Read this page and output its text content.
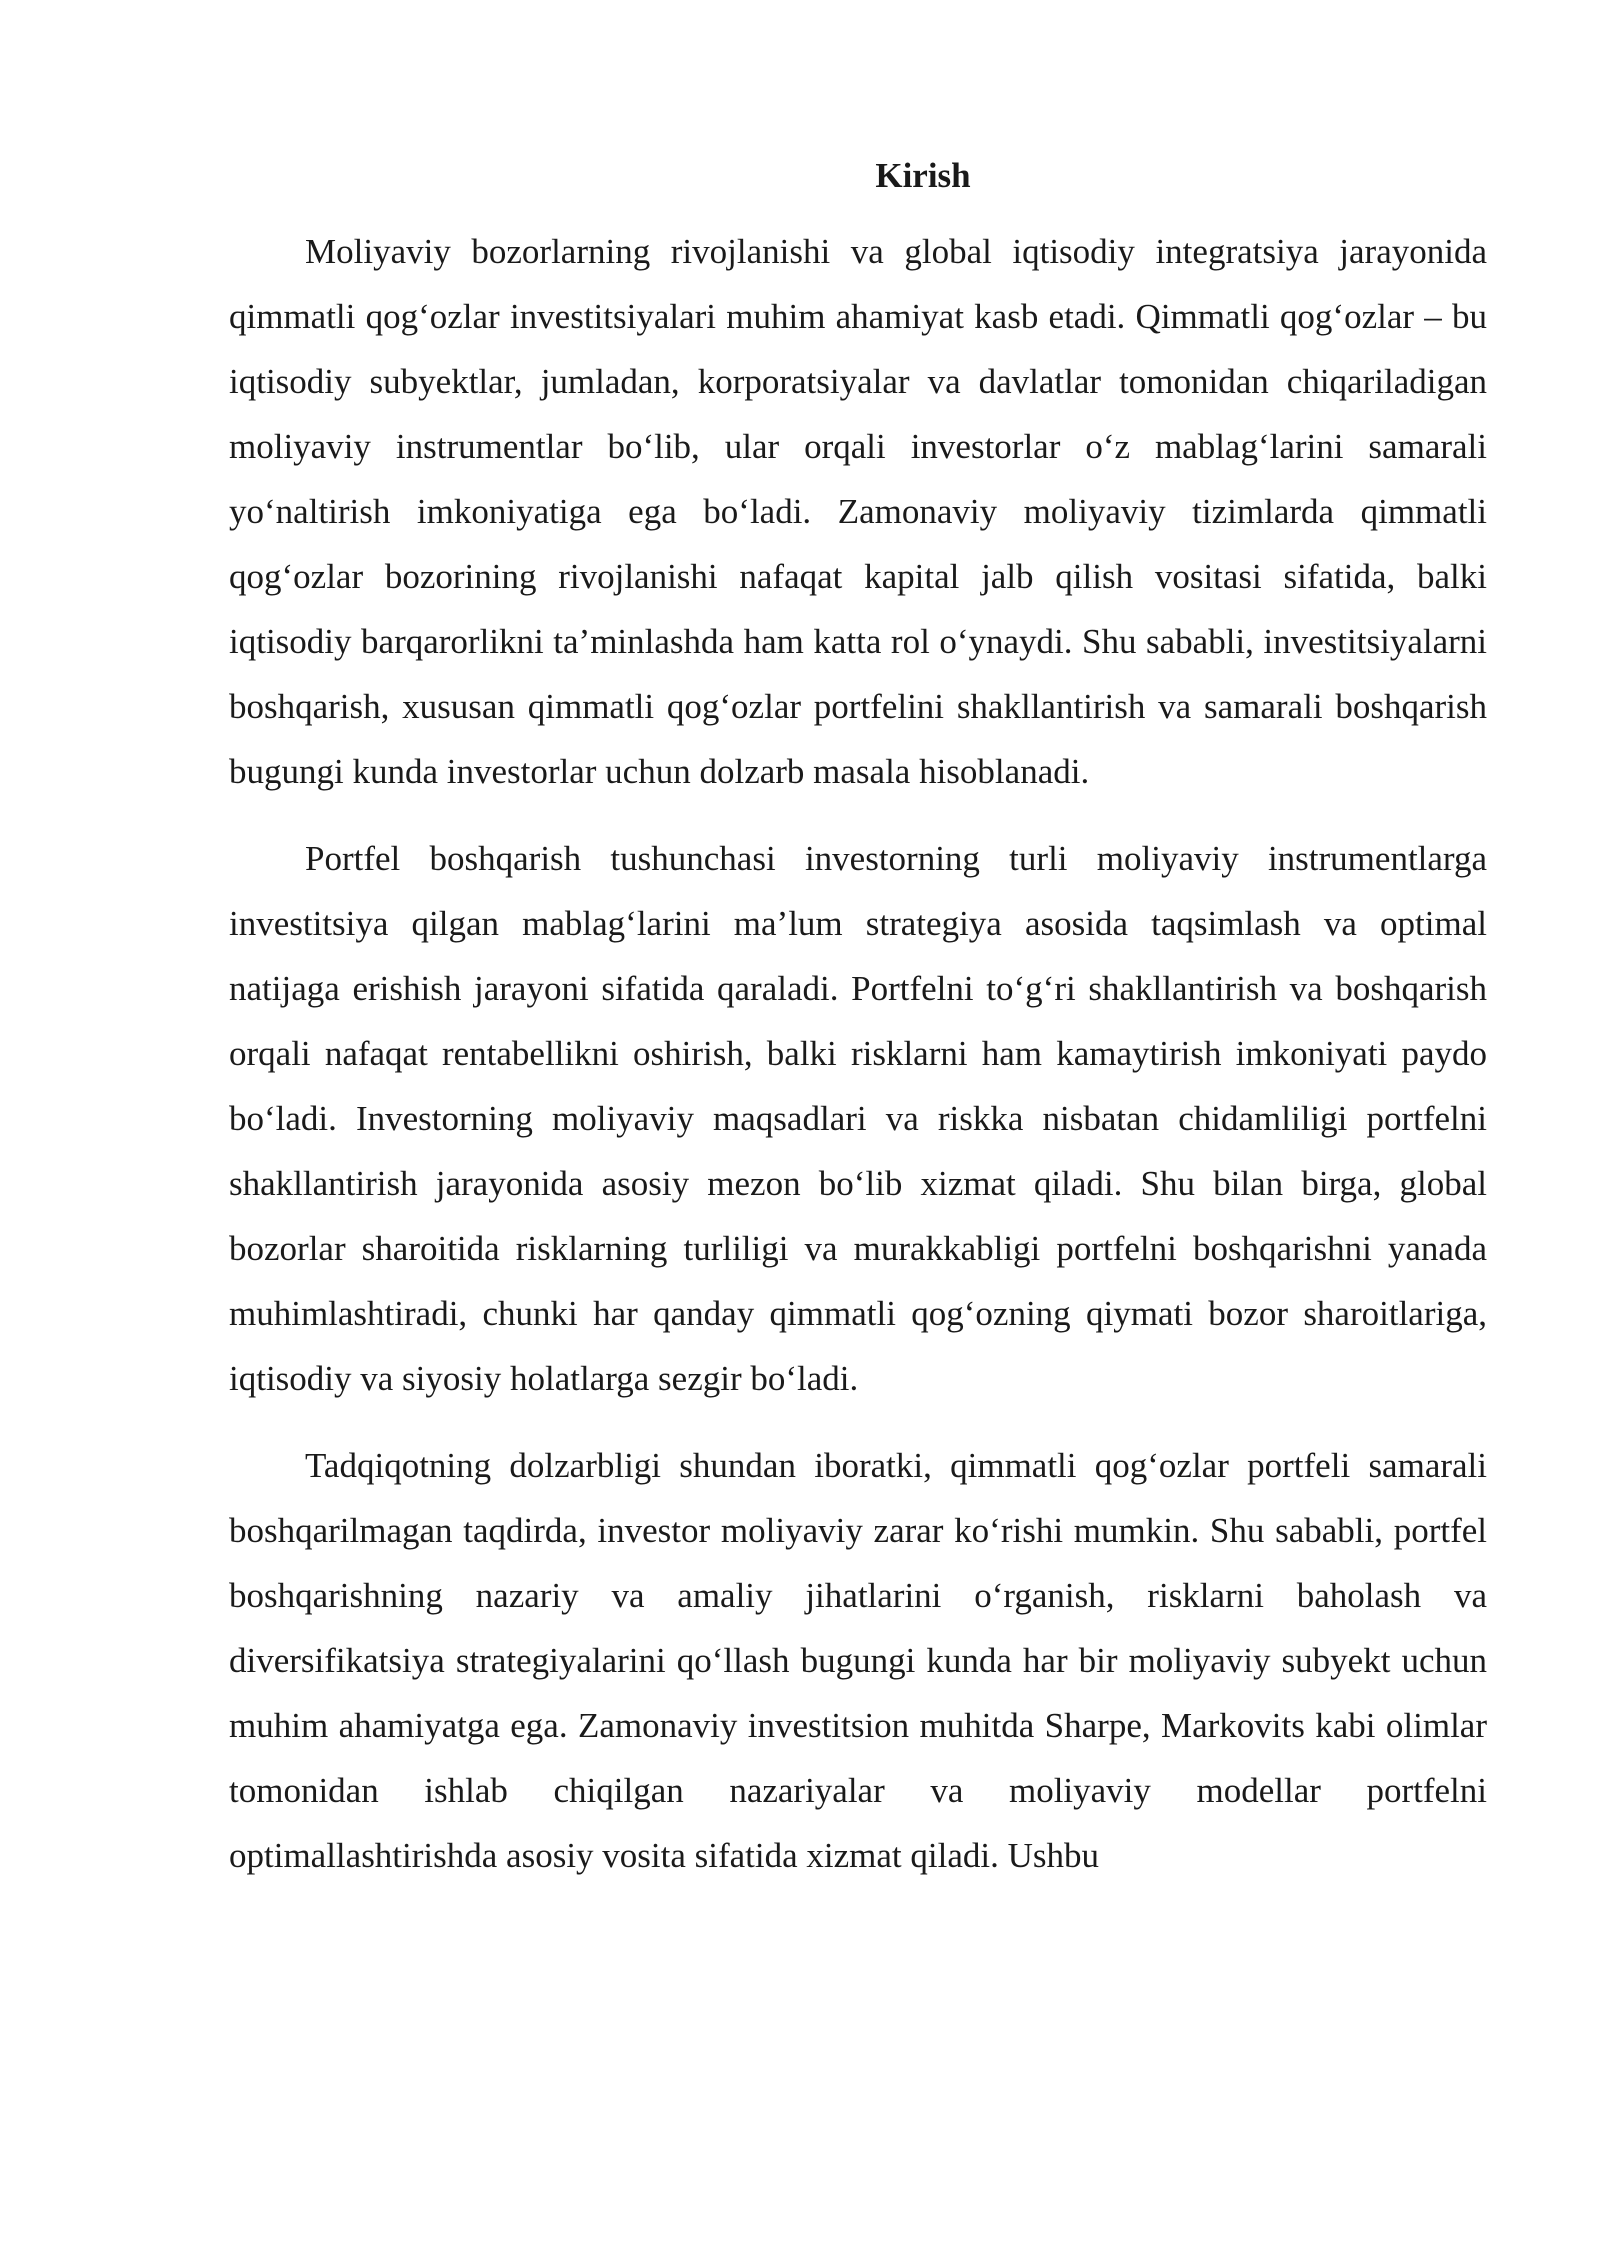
Kirish

Moliyaviy bozorlarning rivojlanishi va global iqtisodiy integratsiya jarayonida qimmatli qog‘ozlar investitsiyalari muhim ahamiyat kasb etadi. Qimmatli qog‘ozlar – bu iqtisodiy subyektlar, jumladan, korporatsiyalar va davlatlar tomonidan chiqariladigan moliyaviy instrumentlar bo‘lib, ular orqali investorlar o‘z mablag‘larini samarali yo‘naltirish imkoniyatiga ega bo‘ladi. Zamonaviy moliyaviy tizimlarda qimmatli qog‘ozlar bozorining rivojlanishi nafaqat kapital jalb qilish vositasi sifatida, balki iqtisodiy barqarorlikni ta’minlashda ham katta rol o‘ynaydi. Shu sababli, investitsiyalarni boshqarish, xususan qimmatli qog‘ozlar portfelini shakllantirish va samarali boshqarish bugungi kunda investorlar uchun dolzarb masala hisoblanadi.

Portfel boshqarish tushunchasi investorning turli moliyaviy instrumentlarga investitsiya qilgan mablag‘larini ma’lum strategiya asosida taqsimlash va optimal natijaga erishish jarayoni sifatida qaraladi. Portfelni to‘g‘ri shakllantirish va boshqarish orqali nafaqat rentabellikni oshirish, balki risklarni ham kamaytirish imkoniyati paydo bo‘ladi. Investorning moliyaviy maqsadlari va riskka nisbatan chidamliligi portfelni shakllantirish jarayonida asosiy mezon bo‘lib xizmat qiladi. Shu bilan birga, global bozorlar sharoitida risklarning turliligi va murakkabligi portfelni boshqarishni yanada muhimlashtiradi, chunki har qanday qimmatli qog‘ozning qiymati bozor sharoitlariga, iqtisodiy va siyosiy holatlarga sezgir bo‘ladi.

Tadqiqotning dolzarbligi shundan iboratki, qimmatli qog‘ozlar portfeli samarali boshqarilmagan taqdirda, investor moliyaviy zarar ko‘rishi mumkin. Shu sababli, portfel boshqarishning nazariy va amaliy jihatlarini o‘rganish, risklarni baholash va diversifikatsiya strategiyalarini qo‘llash bugungi kunda har bir moliyaviy subyekt uchun muhim ahamiyatga ega. Zamonaviy investitsion muhitda Sharpe, Markovits kabi olimlar tomonidan ishlab chiqilgan nazariyalar va moliyaviy modellar portfelni optimallashtirishda asosiy vosita sifatida xizmat qiladi. Ushbu
